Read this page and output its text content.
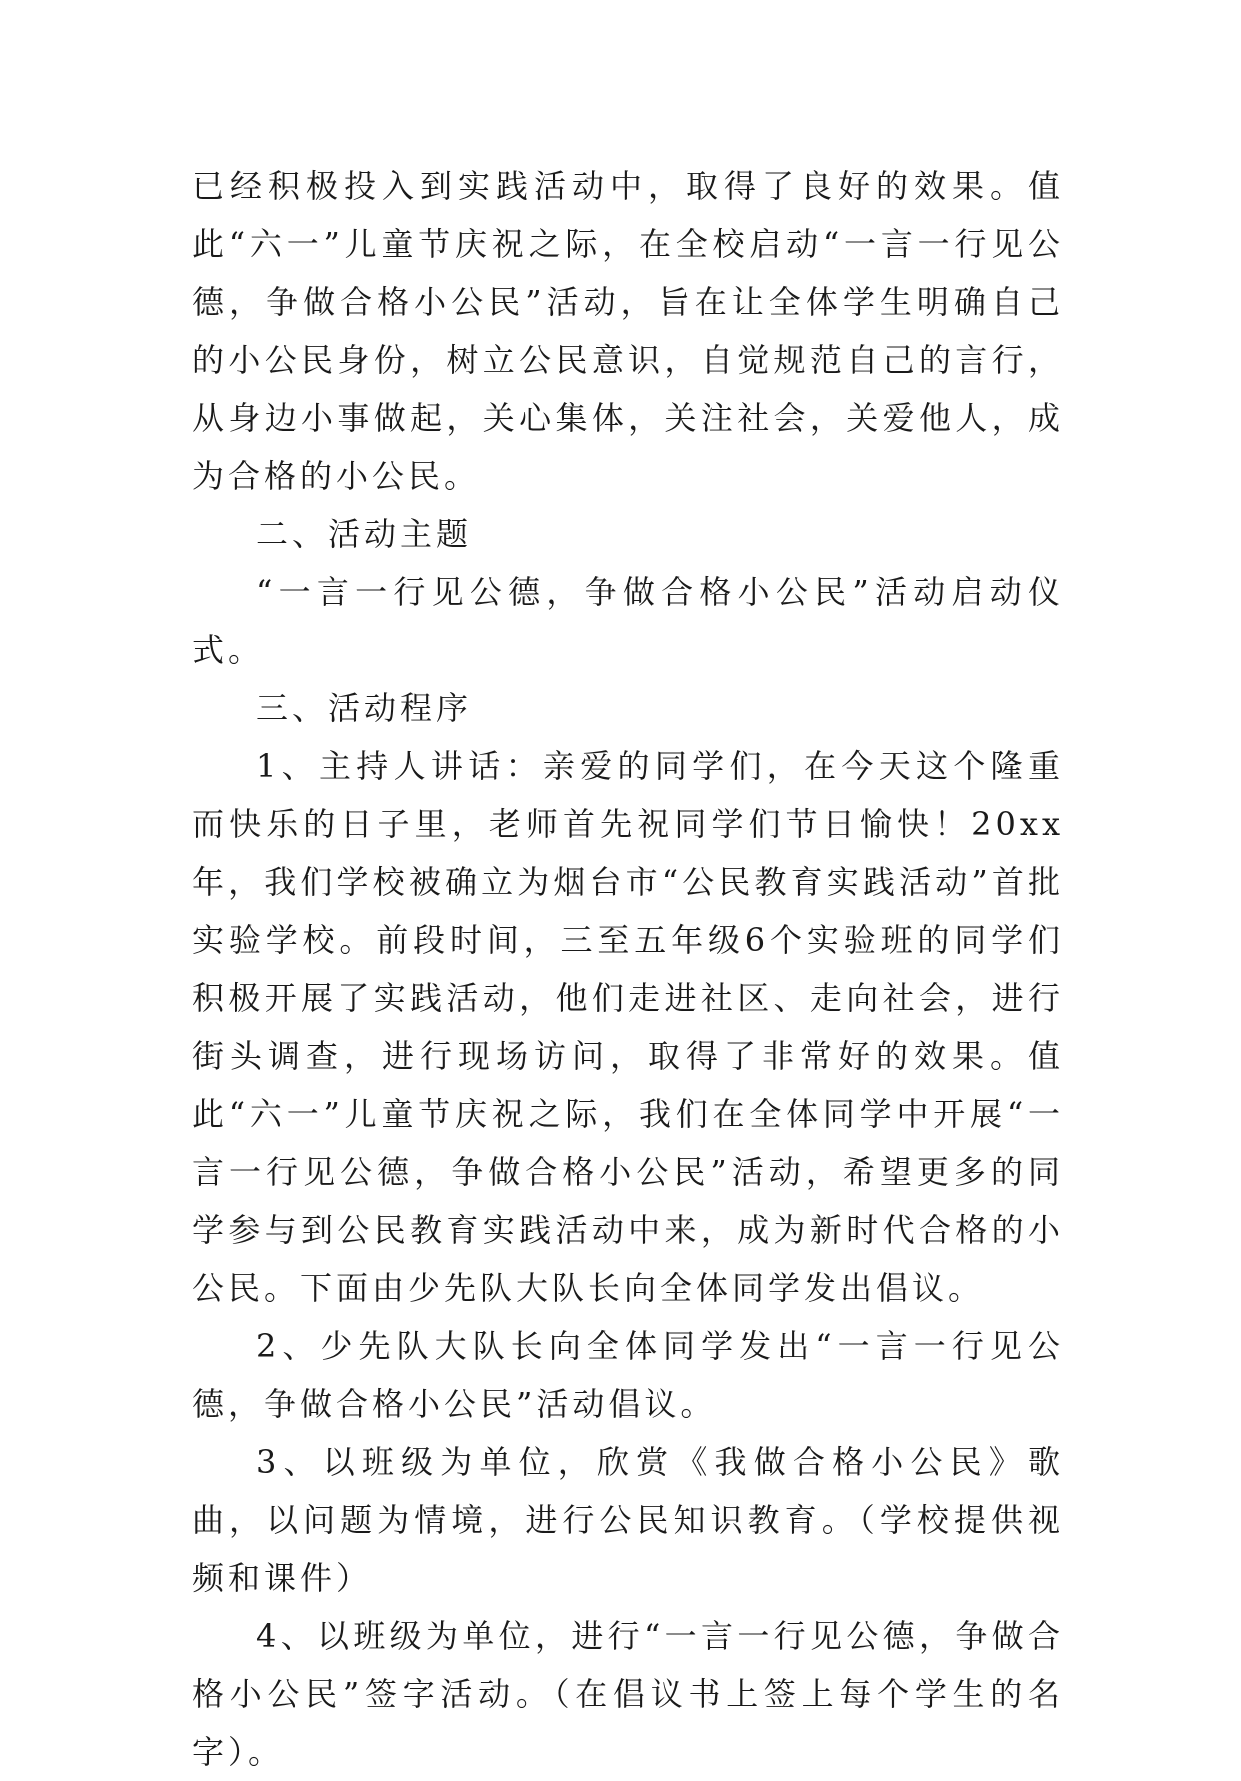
已经积极投入到实践活动中，取得了良好的效果。值此“六一”儿童节庆祝之际，在全校启动“一言一行见公德，争做合格小公民”活动，旨在让全体学生明确自己的小公民身份，树立公民意识，自觉规范自己的言行，从身边小事做起，关心集体，关注社会，关爱他人，成为合格的小公民。

二、活动主题

“一言一行见公德，争做合格小公民”活动启动仪式。

三、活动程序

1、主持人讲话：亲爱的同学们，在今天这个隆重而快乐的日子里，老师首先祝同学们节日愉快！20xx年，我们学校被确立为烟台市“公民教育实践活动”首批实验学校。前段时间，三至五年级6个实验班的同学们积极开展了实践活动，他们走进社区、走向社会，进行街头调查，进行现场访问，取得了非常好的效果。值此“六一”儿童节庆祝之际，我们在全体同学中开展“一言一行见公德，争做合格小公民”活动，希望更多的同学参与到公民教育实践活动中来，成为新时代合格的小公民。下面由少先队大队长向全体同学发出倡议。

2、少先队大队长向全体同学发出“一言一行见公德，争做合格小公民”活动倡议。

3、以班级为单位，欣赏《我做合格小公民》歌曲，以问题为情境，进行公民知识教育。（学校提供视频和课件）

4、以班级为单位，进行“一言一行见公德，争做合格小公民”签字活动。（在倡议书上签上每个学生的名字）。
